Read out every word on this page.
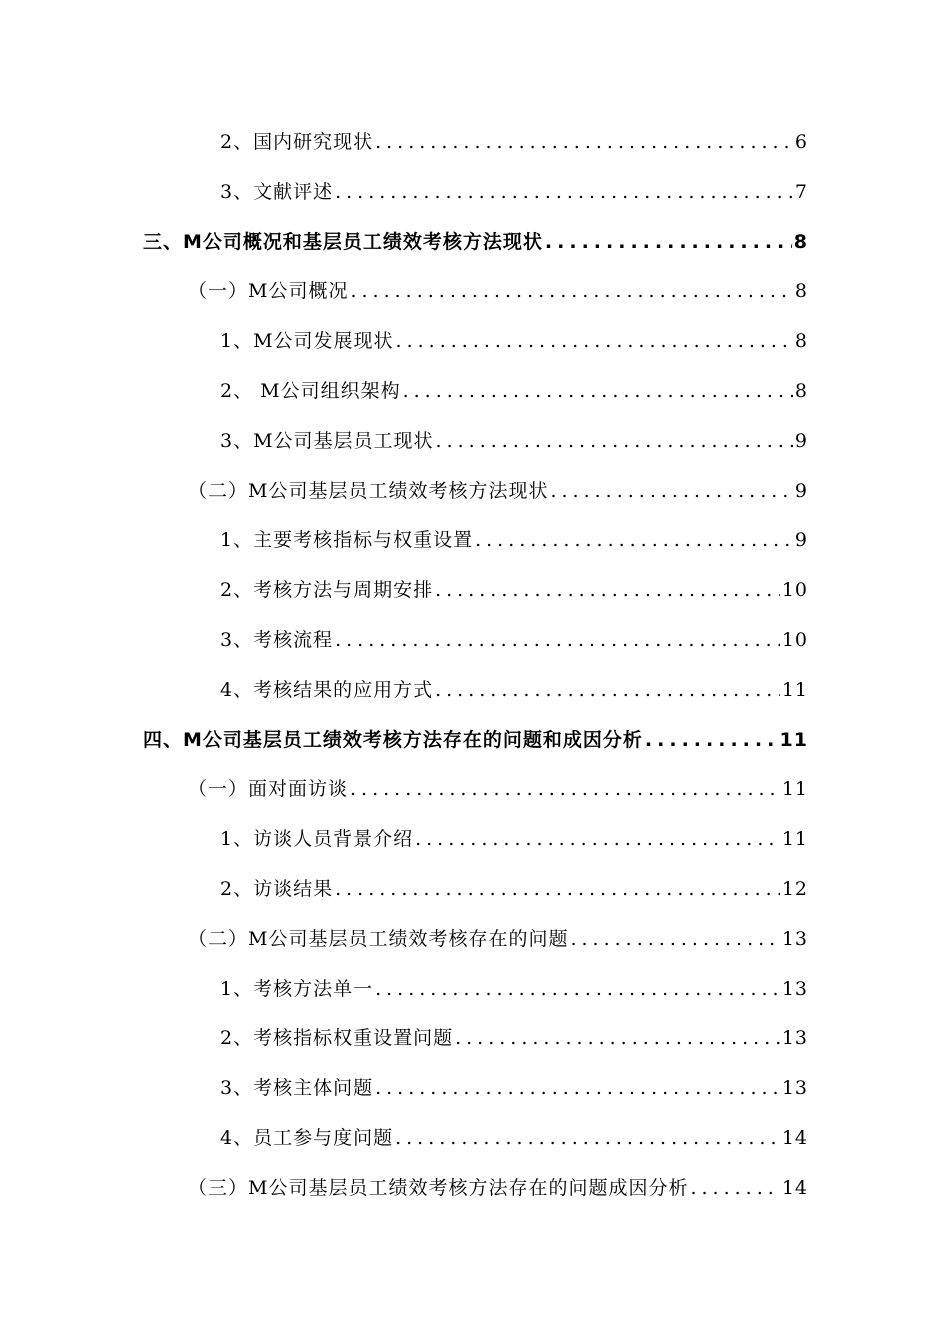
2、国内研究现状 .....	6
3、文献评述 .....	7
三、M公司概况和基层员工绩效考核方法现状 .....	8
（一）M公司概况 .....	8
1、M公司发展现状 .....	8
2、 M公司组织架构 .....	8
3、M公司基层员工现状 .....	9
（二）M公司基层员工绩效考核方法现状 .....	9
1、主要考核指标与权重设置 .....	9
2、考核方法与周期安排 .....	10
3、考核流程 .....	10
4、考核结果的应用方式 .....	11
四、M公司基层员工绩效考核方法存在的问题和成因分析 .....	11
（一）面对面访谈 .....	11
1、访谈人员背景介绍 .....	11
2、访谈结果 .....	12
（二）M公司基层员工绩效考核存在的问题 .....	13
1、考核方法单一 .....	13
2、考核指标权重设置问题 .....	13
3、考核主体问题 .....	13
4、员工参与度问题 .....	14
（三）M公司基层员工绩效考核方法存在的问题成因分析 .....	14
